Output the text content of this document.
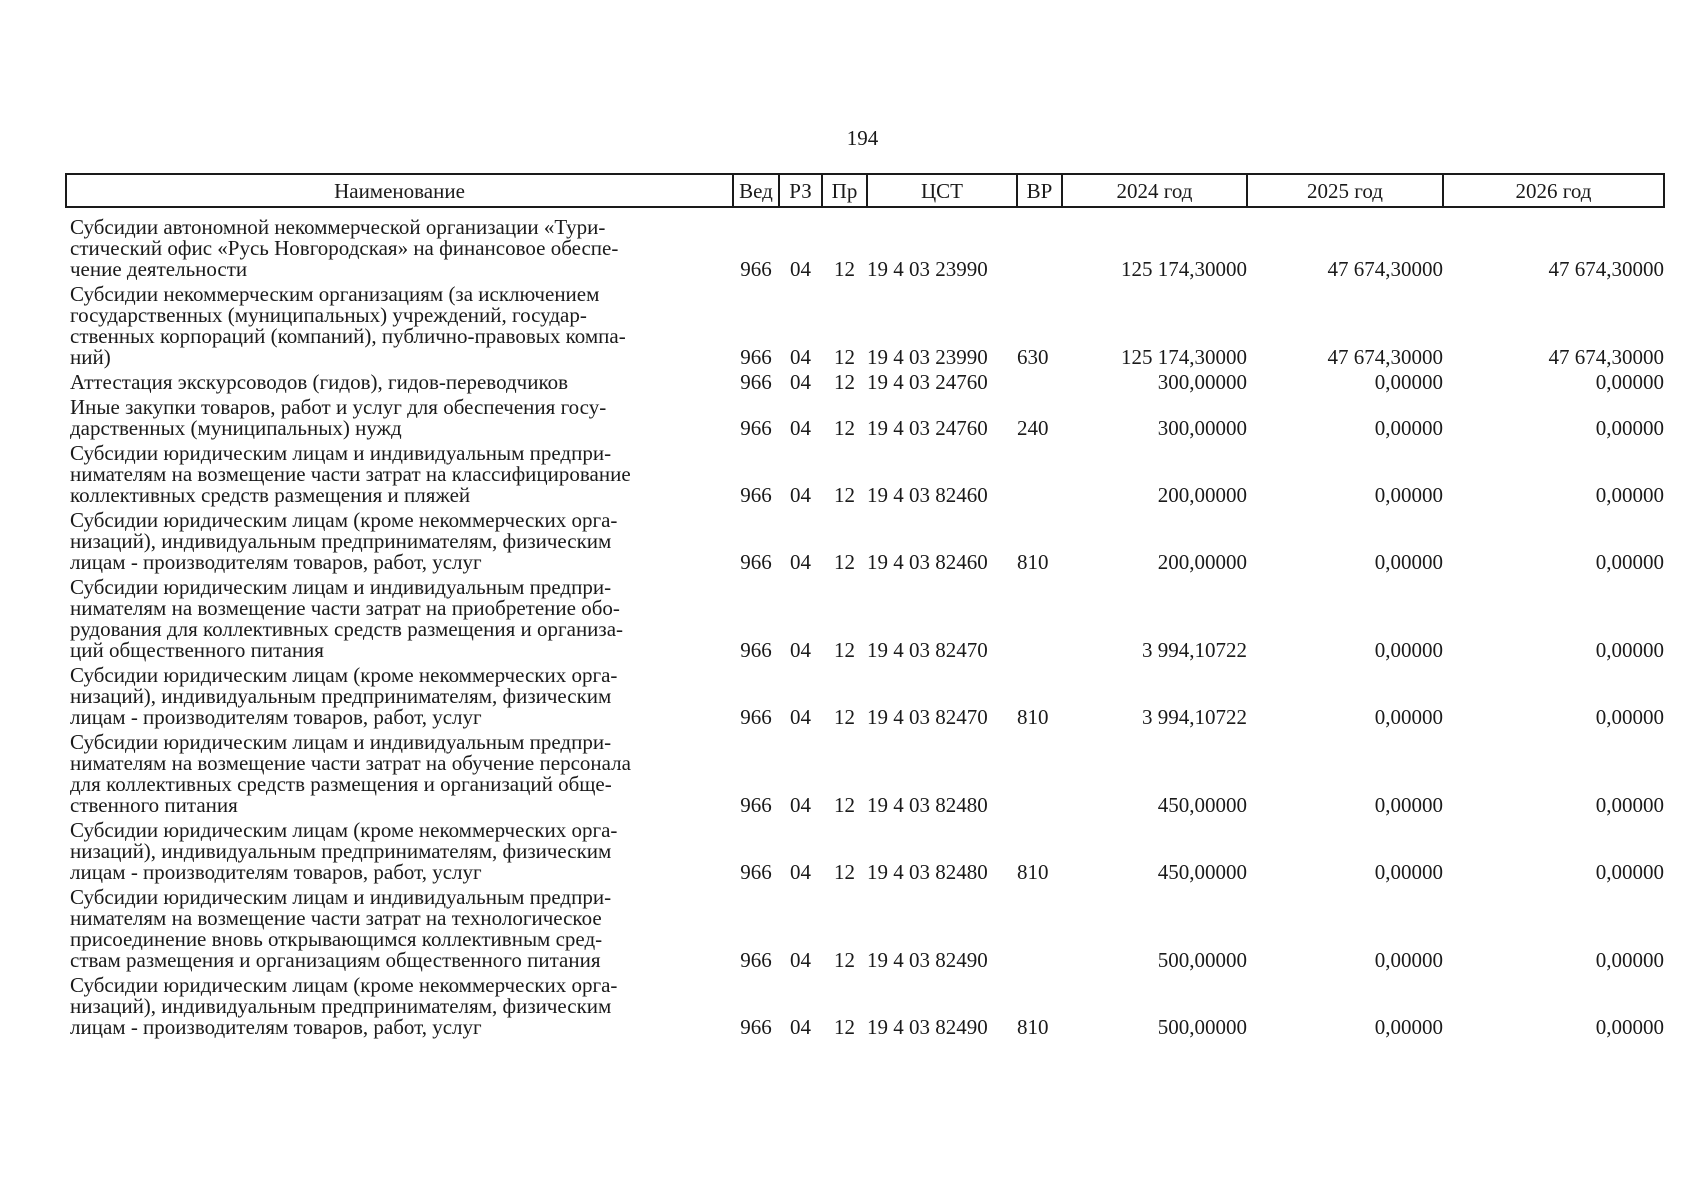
194
Наименование	Вед	РЗ	Пр	ЦСТ	ВР	2024 год	2025 год	2026 год

Субсидии автономной некоммерческой организации «Тури-
стический офис «Русь Новгородская» на финансовое обеспе-
чение деятельности	966	04	12	19 4 03 23990		125 174,30000	47 674,30000	47 674,30000

Субсидии некоммерческим организациям (за исключением
государственных (муниципальных) учреждений, государ-
ственных корпораций (компаний), публично-правовых компа-
ний)	966	04	12	19 4 03 23990	630	125 174,30000	47 674,30000	47 674,30000

Аттестация экскурсоводов (гидов), гидов-переводчиков	966	04	12	19 4 03 24760		300,00000	0,00000	0,00000

Иные закупки товаров, работ и услуг для обеспечения госу-
дарственных (муниципальных) нужд	966	04	12	19 4 03 24760	240	300,00000	0,00000	0,00000

Субсидии юридическим лицам и индивидуальным предпри-
нимателям на возмещение части затрат на классифицирование
коллективных средств размещения и пляжей	966	04	12	19 4 03 82460		200,00000	0,00000	0,00000

Субсидии юридическим лицам (кроме некоммерческих орга-
низаций), индивидуальным предпринимателям, физическим
лицам - производителям товаров, работ, услуг	966	04	12	19 4 03 82460	810	200,00000	0,00000	0,00000

Субсидии юридическим лицам и индивидуальным предпри-
нимателям на возмещение части затрат на приобретение обо-
рудования для коллективных средств размещения и организа-
ций общественного питания	966	04	12	19 4 03 82470		3 994,10722	0,00000	0,00000

Субсидии юридическим лицам (кроме некоммерческих орга-
низаций), индивидуальным предпринимателям, физическим
лицам - производителям товаров, работ, услуг	966	04	12	19 4 03 82470	810	3 994,10722	0,00000	0,00000

Субсидии юридическим лицам и индивидуальным предпри-
нимателям на возмещение части затрат на обучение персонала
для коллективных средств размещения и организаций обще-
ственного питания	966	04	12	19 4 03 82480		450,00000	0,00000	0,00000

Субсидии юридическим лицам (кроме некоммерческих орга-
низаций), индивидуальным предпринимателям, физическим
лицам - производителям товаров, работ, услуг	966	04	12	19 4 03 82480	810	450,00000	0,00000	0,00000

Субсидии юридическим лицам и индивидуальным предпри-
нимателям на возмещение части затрат на технологическое
присоединение вновь открывающимся коллективным сред-
ствам размещения и организациям общественного питания	966	04	12	19 4 03 82490		500,00000	0,00000	0,00000

Субсидии юридическим лицам (кроме некоммерческих орга-
низаций), индивидуальным предпринимателям, физическим
лицам - производителям товаров, работ, услуг	966	04	12	19 4 03 82490	810	500,00000	0,00000	0,00000
